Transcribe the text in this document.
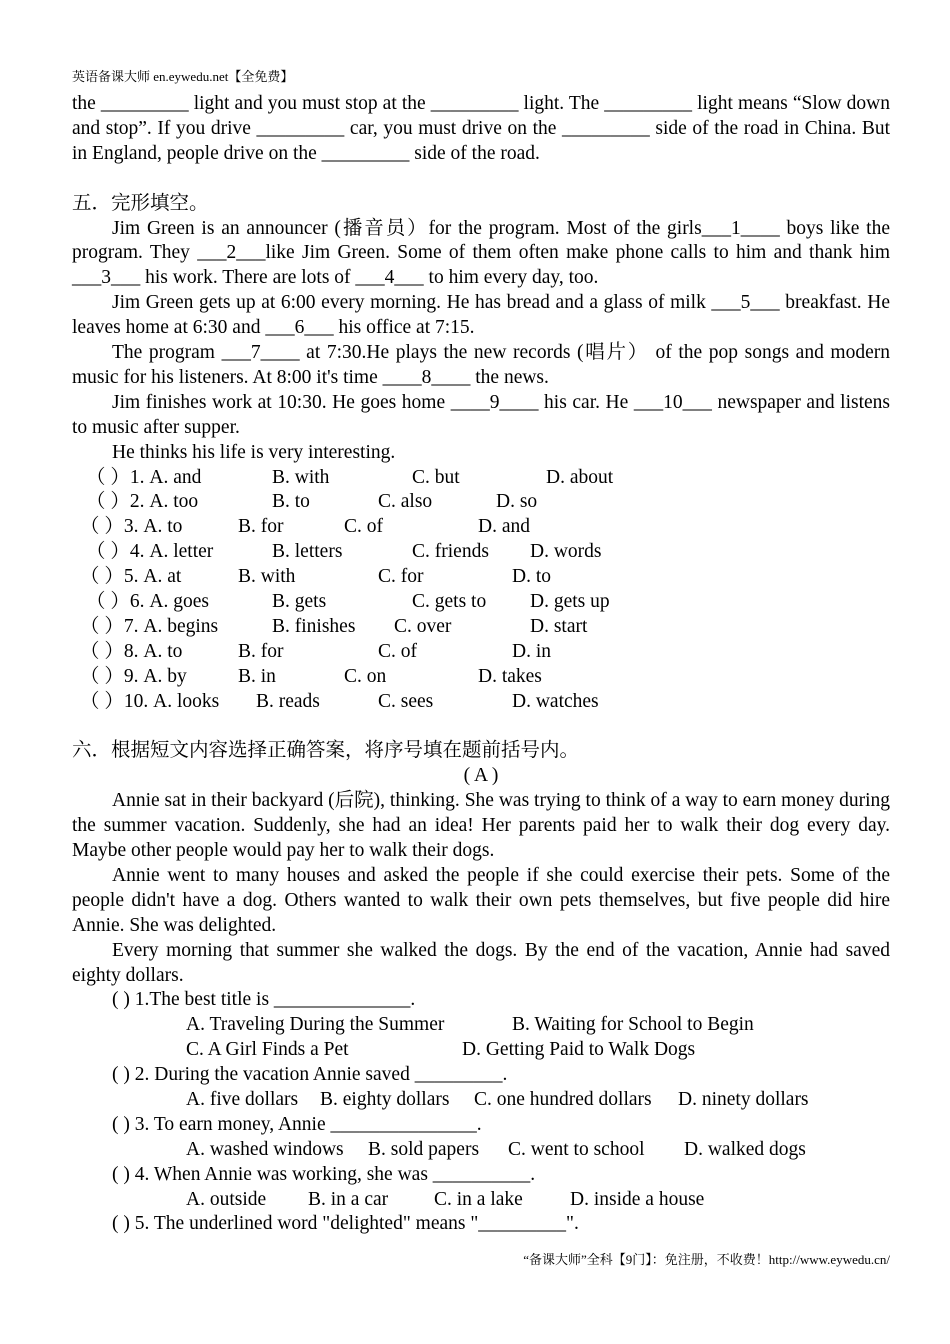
英语备课大师 en.eywedu.net【全免费】

the _________ light and you must stop at the _________ light. The _________ light means “Slow down and stop”. If you drive _________ car, you must drive on the _________ side of the road in China. But in England, people drive on the _________ side of the road.

五．完形填空。

Jim Green is an announcer (播音员）for the program. Most of the girls___1____ boys like the program. They ___2___like Jim Green. Some of them often make phone calls to him and thank him ___3___ his work. There are lots of ___4___ to him every day, too.

Jim Green gets up at 6:00 every morning. He has bread and a glass of milk ___5___ breakfast. He leaves home at 6:30 and ___6___ his office at 7:15.

The program ___7____ at 7:30.He plays the new records (唱片） of the pop songs and modern music for his listeners. At 8:00 it's time ____8____ the news.

Jim finishes work at 10:30. He goes home ____9____ his car. He ___10___ newspaper and listens to music after supper.

He thinks his life is very interesting.

（ ）1. A. and	B. with	C. but	D. about
（ ）2. A. too	B. to	C. also	D. so
（ ）3. A. to	B. for	C. of	D. and
（ ）4. A. letter	B. letters	C. friends D. words
（ ）5. A. at	B. with	C. for	D. to
（ ）6. A. goes	B. gets	C. gets to D. gets up
（ ）7. A. begins	B. finishes C. over	D. start
（ ）8. A. to	B. for	C. of	D. in
（ ）9. A. by	B. in	C. on	D. takes
（ ）10. A. looks B. reads	C. sees	D. watches

六．根据短文内容选择正确答案，将序号填在题前括号内。

( A )

Annie sat in their backyard (后院), thinking. She was trying to think of a way to earn money during the summer vacation. Suddenly, she had an idea! Her parents paid her to walk their dog every day. Maybe other people would pay her to walk their dogs.

Annie went to many houses and asked the people if she could exercise their pets. Some of the people didn't have a dog. Others wanted to walk their own pets themselves, but five people did hire Annie. She was delighted.

Every morning that summer she walked the dogs. By the end of the vacation, Annie had saved eighty dollars.

( ) 1.The best title is ______________.
A. Traveling During the Summer	B. Waiting for School to Begin
C. A Girl Finds a Pet	D. Getting Paid to Walk Dogs
( ) 2. During the vacation Annie saved _________.
A. five dollars B. eighty dollars C. one hundred dollars D. ninety dollars
( ) 3. To earn money, Annie _______________.
A. washed windows B. sold papers C. went to school D. walked dogs
( ) 4. When Annie was working, she was __________.
A. outside B. in a car C. in a lake D. inside a house
( ) 5. The underlined word "delighted" means "_________".
“备课大师”全科【9门】：免注册，不收费！http://www.eywedu.cn/
